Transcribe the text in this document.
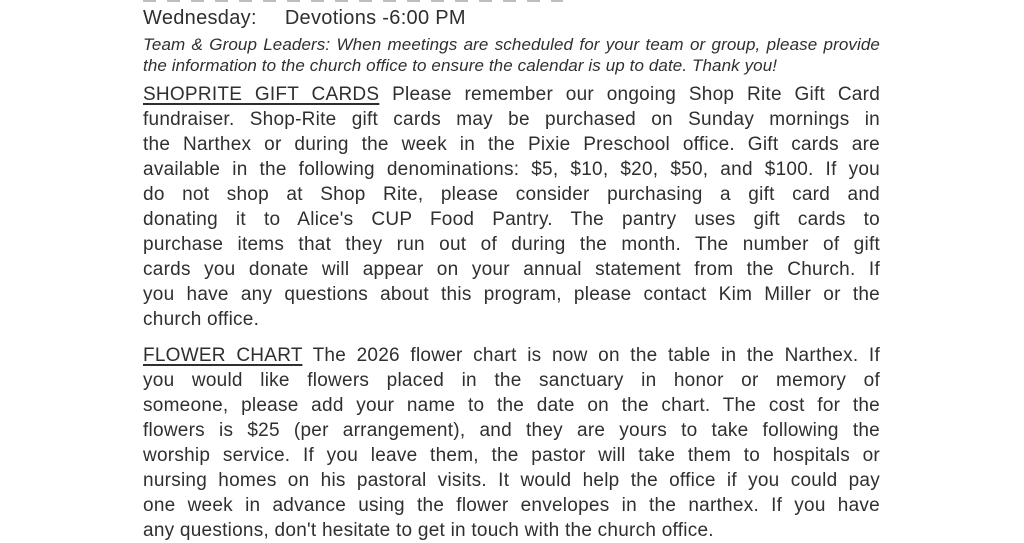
Wednesday: Devotions -6:00 PM
Team & Group Leaders: When meetings are scheduled for your team or group, please provide
the information to the church office to ensure the calendar is up to date. Thank you!
SHOPRITE GIFT CARDS Please remember our ongoing Shop Rite Gift Card
fundraiser. Shop-Rite gift cards may be purchased on Sunday mornings in
the Narthex or during the week in the Pixie Preschool office. Gift cards are
available in the following denominations: $5, $10, $20, $50, and $100. If you
do not shop at Shop Rite, please consider purchasing a gift card and
donating it to Alice's CUP Food Pantry. The pantry uses gift cards to
purchase items that they run out of during the month. The number of gift
cards you donate will appear on your annual statement from the Church. If
you have any questions about this program, please contact Kim Miller or the
church office.
FLOWER CHART The 2026 flower chart is now on the table in the Narthex. If
you would like flowers placed in the sanctuary in honor or memory of
someone, please add your name to the date on the chart. The cost for the
flowers is $25 (per arrangement), and they are yours to take following the
worship service. If you leave them, the pastor will take them to hospitals or
nursing homes on his pastoral visits. It would help the office if you could pay
one week in advance using the flower envelopes in the narthex. If you have
any questions, don't hesitate to get in touch with the church office.
